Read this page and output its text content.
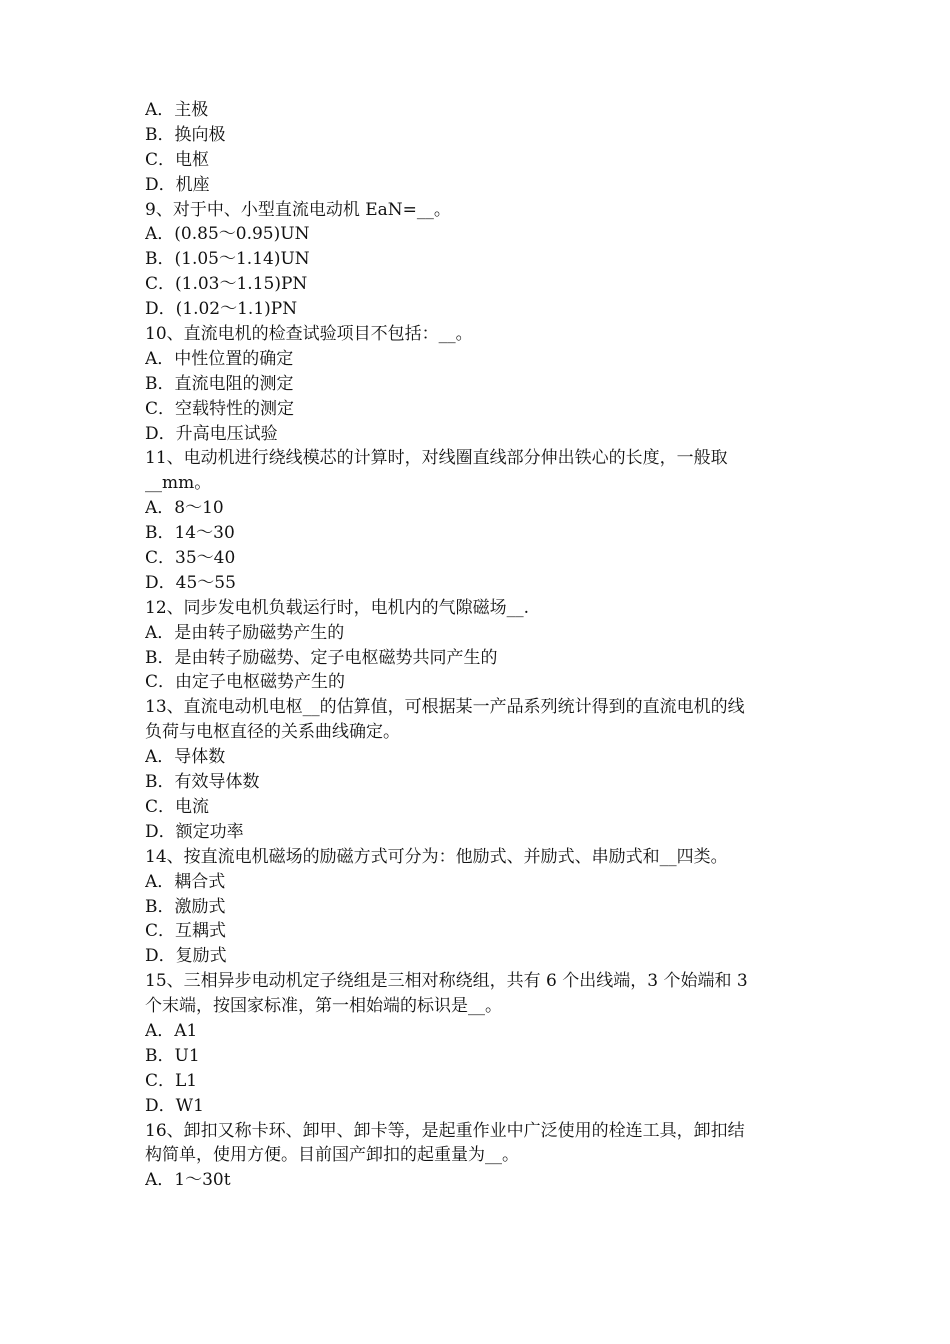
A．主极
B．换向极
C．电枢
D．机座
9、对于中、小型直流电动机 EaN=__。
A．(0.85～0.95)UN
B．(1.05～1.14)UN
C．(1.03～1.15)PN
D．(1.02～1.1)PN
10、直流电机的检查试验项目不包括：__。
A．中性位置的确定
B．直流电阻的测定
C．空载特性的测定
D．升高电压试验
11、电动机进行绕线模芯的计算时，对线圈直线部分伸出铁心的长度，一般取
__mm。
A．8～10
B．14～30
C．35～40
D．45～55
12、同步发电机负载运行时，电机内的气隙磁场__.
A．是由转子励磁势产生的
B．是由转子励磁势、定子电枢磁势共同产生的
C．由定子电枢磁势产生的
13、直流电动机电枢__的估算值，可根据某一产品系列统计得到的直流电机的线
负荷与电枢直径的关系曲线确定。
A．导体数
B．有效导体数
C．电流
D．额定功率
14、按直流电机磁场的励磁方式可分为：他励式、并励式、串励式和__四类。
A．耦合式
B．激励式
C．互耦式
D．复励式
15、三相异步电动机定子绕组是三相对称绕组，共有 6 个出线端，3 个始端和 3
个末端，按国家标准，第一相始端的标识是__。
A．A1
B．U1
C．L1
D．W1
16、卸扣又称卡环、卸甲、卸卡等，是起重作业中广泛使用的栓连工具，卸扣结
构简单，使用方便。目前国产卸扣的起重量为__。
A．1～30t
